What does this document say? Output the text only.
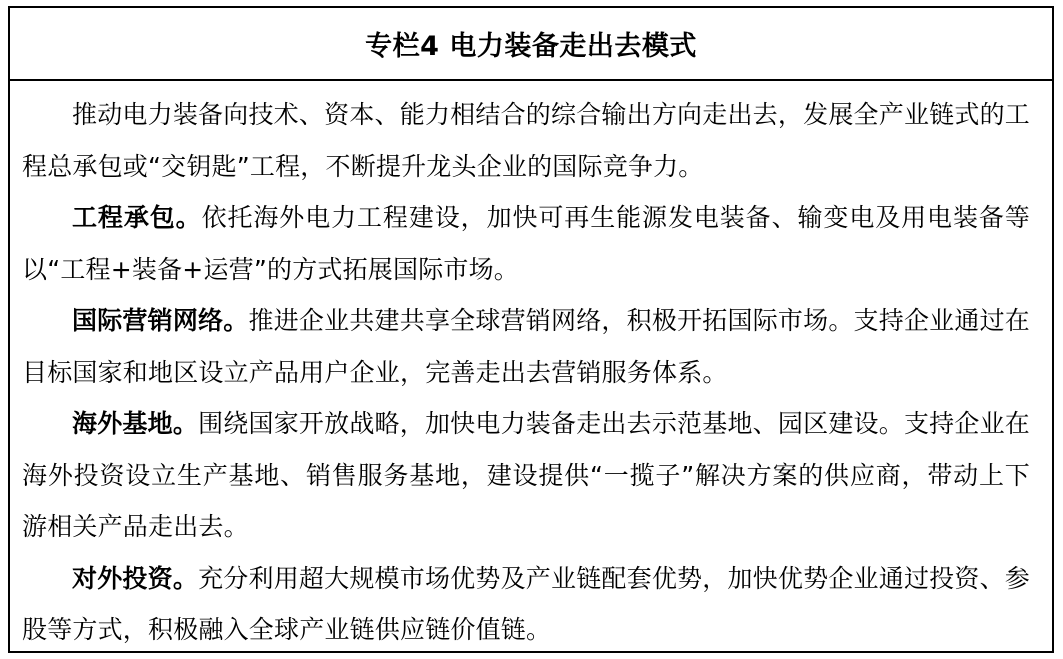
专栏4 电力装备走出去模式

推动电力装备向技术、资本、能力相结合的综合输出方向走出去，发展全产业链式的工程总承包或“交钥匙”工程，不断提升龙头企业的国际竞争力。

工程承包。依托海外电力工程建设，加快可再生能源发电装备、输变电及用电装备等以“工程+装备+运营”的方式拓展国际市场。

国际营销网络。推进企业共建共享全球营销网络，积极开拓国际市场。支持企业通过在目标国家和地区设立产品用户企业，完善走出去营销服务体系。

海外基地。围绕国家开放战略，加快电力装备走出去示范基地、园区建设。支持企业在海外投资设立生产基地、销售服务基地，建设提供“一揽子”解决方案的供应商，带动上下游相关产品走出去。

对外投资。充分利用超大规模市场优势及产业链配套优势，加快优势企业通过投资、参股等方式，积极融入全球产业链供应链价值链。
